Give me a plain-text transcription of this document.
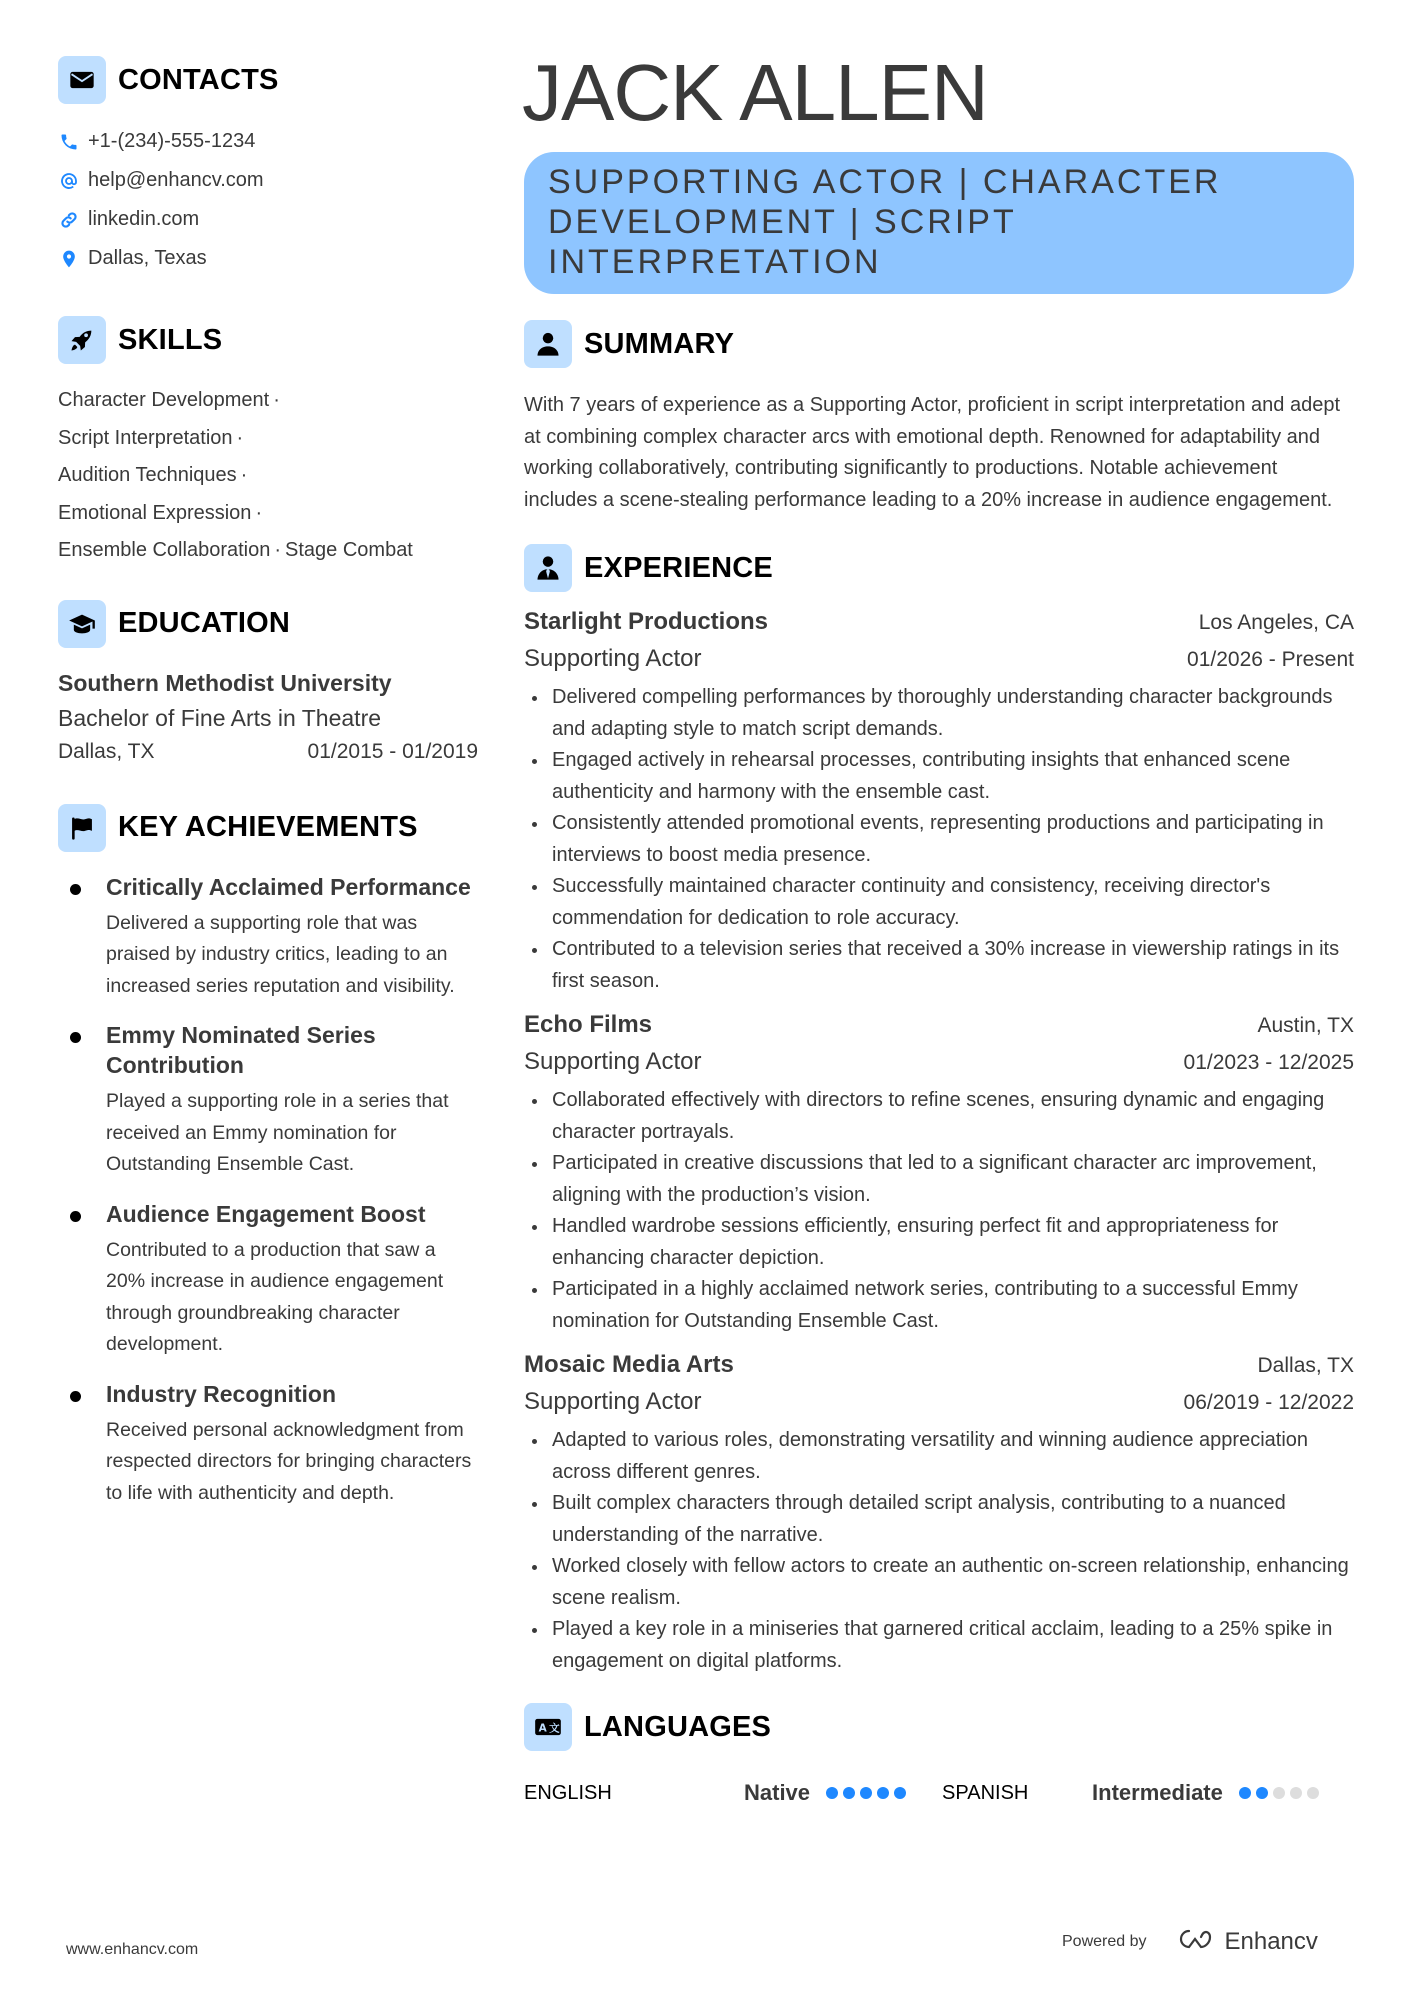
CONTACTS
+1-(234)-555-1234
help@enhancv.com
linkedin.com
Dallas, Texas
SKILLS
Character Development ·
Script Interpretation ·
Audition Techniques ·
Emotional Expression ·
Ensemble Collaboration · Stage Combat
EDUCATION
Southern Methodist University
Bachelor of Fine Arts in Theatre
Dallas, TX	01/2015 - 01/2019
KEY ACHIEVEMENTS
Critically Acclaimed Performance
Delivered a supporting role that was praised by industry critics, leading to an increased series reputation and visibility.
Emmy Nominated Series Contribution
Played a supporting role in a series that received an Emmy nomination for Outstanding Ensemble Cast.
Audience Engagement Boost
Contributed to a production that saw a 20% increase in audience engagement through groundbreaking character development.
Industry Recognition
Received personal acknowledgment from respected directors for bringing characters to life with authenticity and depth.
JACK ALLEN
SUPPORTING ACTOR | CHARACTER DEVELOPMENT | SCRIPT INTERPRETATION
SUMMARY

With 7 years of experience as a Supporting Actor, proficient in script interpretation and adept at combining complex character arcs with emotional depth. Renowned for adaptability and working collaboratively, contributing significantly to productions. Notable achievement includes a scene-stealing performance leading to a 20% increase in audience engagement.

EXPERIENCE
Starlight Productions	Los Angeles, CA
Supporting Actor	01/2026 - Present
Delivered compelling performances by thoroughly understanding character backgrounds and adapting style to match script demands.
Engaged actively in rehearsal processes, contributing insights that enhanced scene authenticity and harmony with the ensemble cast.
Consistently attended promotional events, representing productions and participating in interviews to boost media presence.
Successfully maintained character continuity and consistency, receiving director's commendation for dedication to role accuracy.
Contributed to a television series that received a 30% increase in viewership ratings in its first season.
Echo Films	Austin, TX
Supporting Actor	01/2023 - 12/2025
Collaborated effectively with directors to refine scenes, ensuring dynamic and engaging character portrayals.
Participated in creative discussions that led to a significant character arc improvement, aligning with the production’s vision.
Handled wardrobe sessions efficiently, ensuring perfect fit and appropriateness for enhancing character depiction.
Participated in a highly acclaimed network series, contributing to a successful Emmy nomination for Outstanding Ensemble Cast.
Mosaic Media Arts	Dallas, TX
Supporting Actor	06/2019 - 12/2022
Adapted to various roles, demonstrating versatility and winning audience appreciation across different genres.
Built complex characters through detailed script analysis, contributing to a nuanced understanding of the narrative.
Worked closely with fellow actors to create an authentic on-screen relationship, enhancing scene realism.
Played a key role in a miniseries that garnered critical acclaim, leading to a 25% spike in engagement on digital platforms.
A 文 LANGUAGES
ENGLISH	Native	SPANISH	Intermediate
www.enhancv.com	Powered by	Enhancv
